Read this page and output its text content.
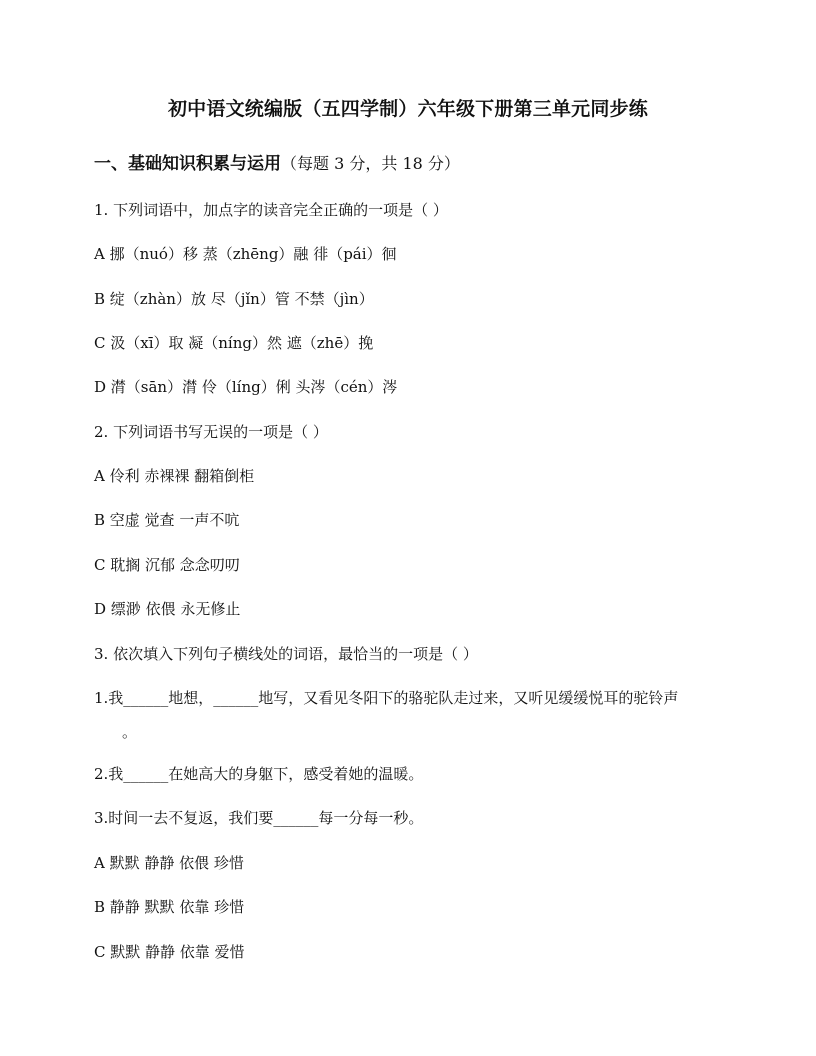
初中语文统编版（五四学制）六年级下册第三单元同步练
一、基础知识积累与运用（每题 3 分，共 18 分）
1. 下列词语中，加点字的读音完全正确的一项是（ ）
A 挪（nuó）移 蒸（zhēng）融 徘（pái）徊
B 绽（zhàn）放 尽（jǐn）管 不禁（jìn）
C 汲（xī）取 凝（níng）然 遮（zhē）挽
D 潸（sān）潸 伶（líng）俐 头涔（cén）涔
2. 下列词语书写无误的一项是（ ）
A 伶利 赤裸裸 翻箱倒柜
B 空虚 觉查 一声不吭
C 耽搁 沉郁 念念叨叨
D 缥渺 依偎 永无修止
3. 依次填入下列句子横线处的词语，最恰当的一项是（ ）
1.我______地想，______地写，又看见冬阳下的骆驼队走过来，又听见缓缓悦耳的驼铃声
。
2.我______在她高大的身躯下，感受着她的温暖。
3.时间一去不复返，我们要______每一分每一秒。
A 默默 静静 依偎 珍惜
B 静静 默默 依靠 珍惜
C 默默 静静 依靠 爱惜
